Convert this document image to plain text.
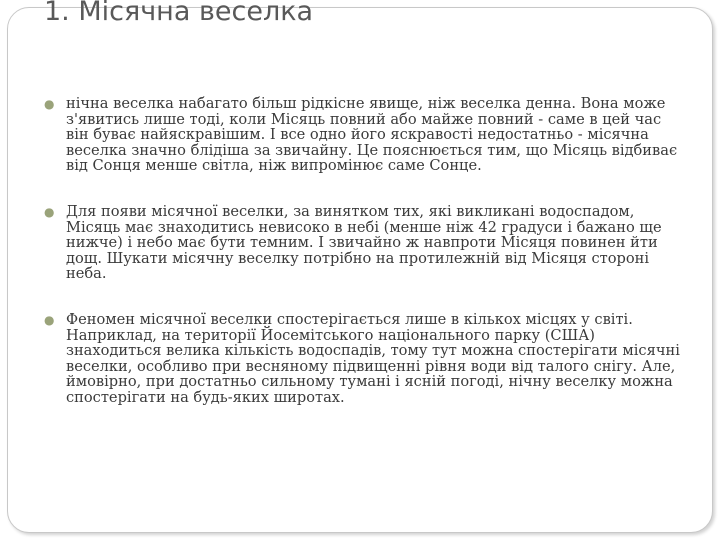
1. Місячна веселка
● нічна веселка набагато більш рідкісне явище, ніж веселка денна. Вона може з'явитись лише тоді, коли Місяць повний або майже повний - саме в цей час він буває найяскравішим. І все одно його яскравості недостатньо - місячна веселка значно блідіша за звичайну. Це пояснюється тим, що Місяць відбиває від Сонця менше світла, ніж випромінює саме Сонце.
● Для появи місячної веселки, за винятком тих, які викликані водоспадом, Місяць має знаходитись невисоко в небі (менше ніж 42 градуси і бажано ще нижче) і небо має бути темним. І звичайно ж навпроти Місяця повинен йти дощ. Шукати місячну веселку потрібно на протилежній від Місяця стороні неба.
● Феномен місячної веселки спостерігається лише в кількох місцях у світі. Наприклад, на території Йосемітського національного парку (США) знаходиться велика кількість водоспадів, тому тут можна спостерігати місячні веселки, особливо при весняному підвищенні рівня води від талого снігу. Але, ймовірно, при достатньо сильному тумані і ясній погоді, нічну веселку можна спостерігати на будь-яких широтах.
